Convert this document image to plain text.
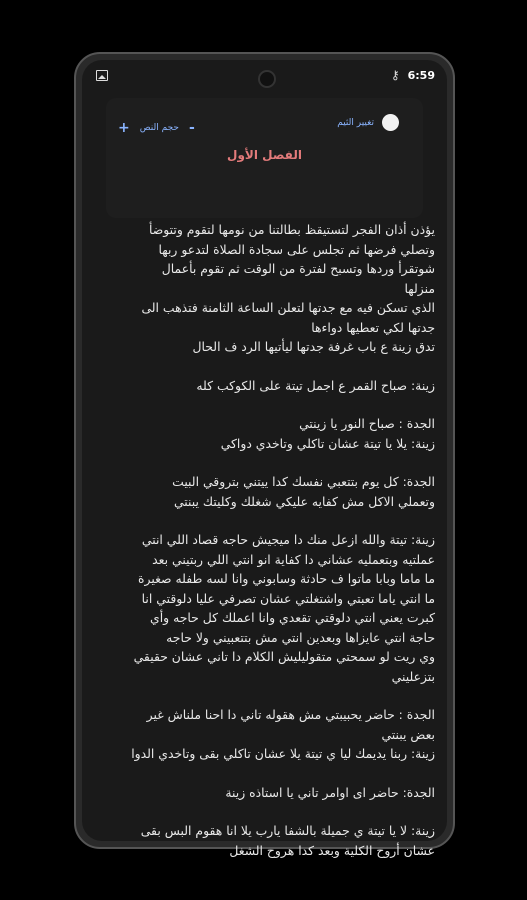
⚷ 6:59
+ حجم النص -	تغيير الثيم
الفصل الأول

يؤذن أذان الفجر لتستيقظ بطالتنا من نومها لتقوم وتتوضأ
وتصلي فرضها ثم تجلس على سجادة الصلاة لتدعو ربها
شوتقرأ وردها وتسبح لفترة من الوقت ثم تقوم بأعمال منزلها
الذي تسكن فيه مع جدتها لتعلن الساعة الثامنة فتذهب الى
جدتها لكي تعطيها دواءها
تدق زينة ع باب غرفة جدتها ليأتيها الرد ف الحال

زينة: صباح القمر ع اجمل تيتة على الكوكب كله

الجدة : صباح النور يا زينتي
زينة: يلا يا تيتة عشان تاكلي وتاخدي دواكي

الجدة: كل يوم بتتعبي نفسك كدا ييتني بتروقي البيت
وتعملي الاكل مش كفايه عليكي شغلك وكليتك يبنتي

زينة: تيتة والله ازعل منك دا ميجيش حاجه قصاد اللي انتي
عملتيه وبتعمليه عشاني دا كفاية انو انتي اللي ربتيني بعد
ما ماما وبابا ماتوا ف حادثة وسابوني وانا لسه طفله صغيرة
ما انتي ياما تعبتي واشتغلتي عشان تصرفي عليا دلوقتي انا
كبرت يعني انتي دلوقتي تقعدي وانا اعملك كل حاجه وأي
حاجة انتي عايزاها وبعدين انتي مش بتتعبيني ولا حاجه
وي ريت لو سمحتي متقوليليش الكلام دا تاني عشان حقيقي
بتزعليني

الجدة : حاضر يحبيبتي مش هقوله تاني دا احنا ملناش غير
بعض يبنتي
زينة: ربنا يديمك ليا ي تيتة يلا عشان تاكلي بقى وتاخدي الدوا

الجدة: حاضر اى اوامر تاني يا استاذه زينة

زينة: لا يا تيتة ي جميلة بالشفا يارب يلا انا هقوم البس بقى
عشان أروح الكلية وبعد كدا هروح الشغل
